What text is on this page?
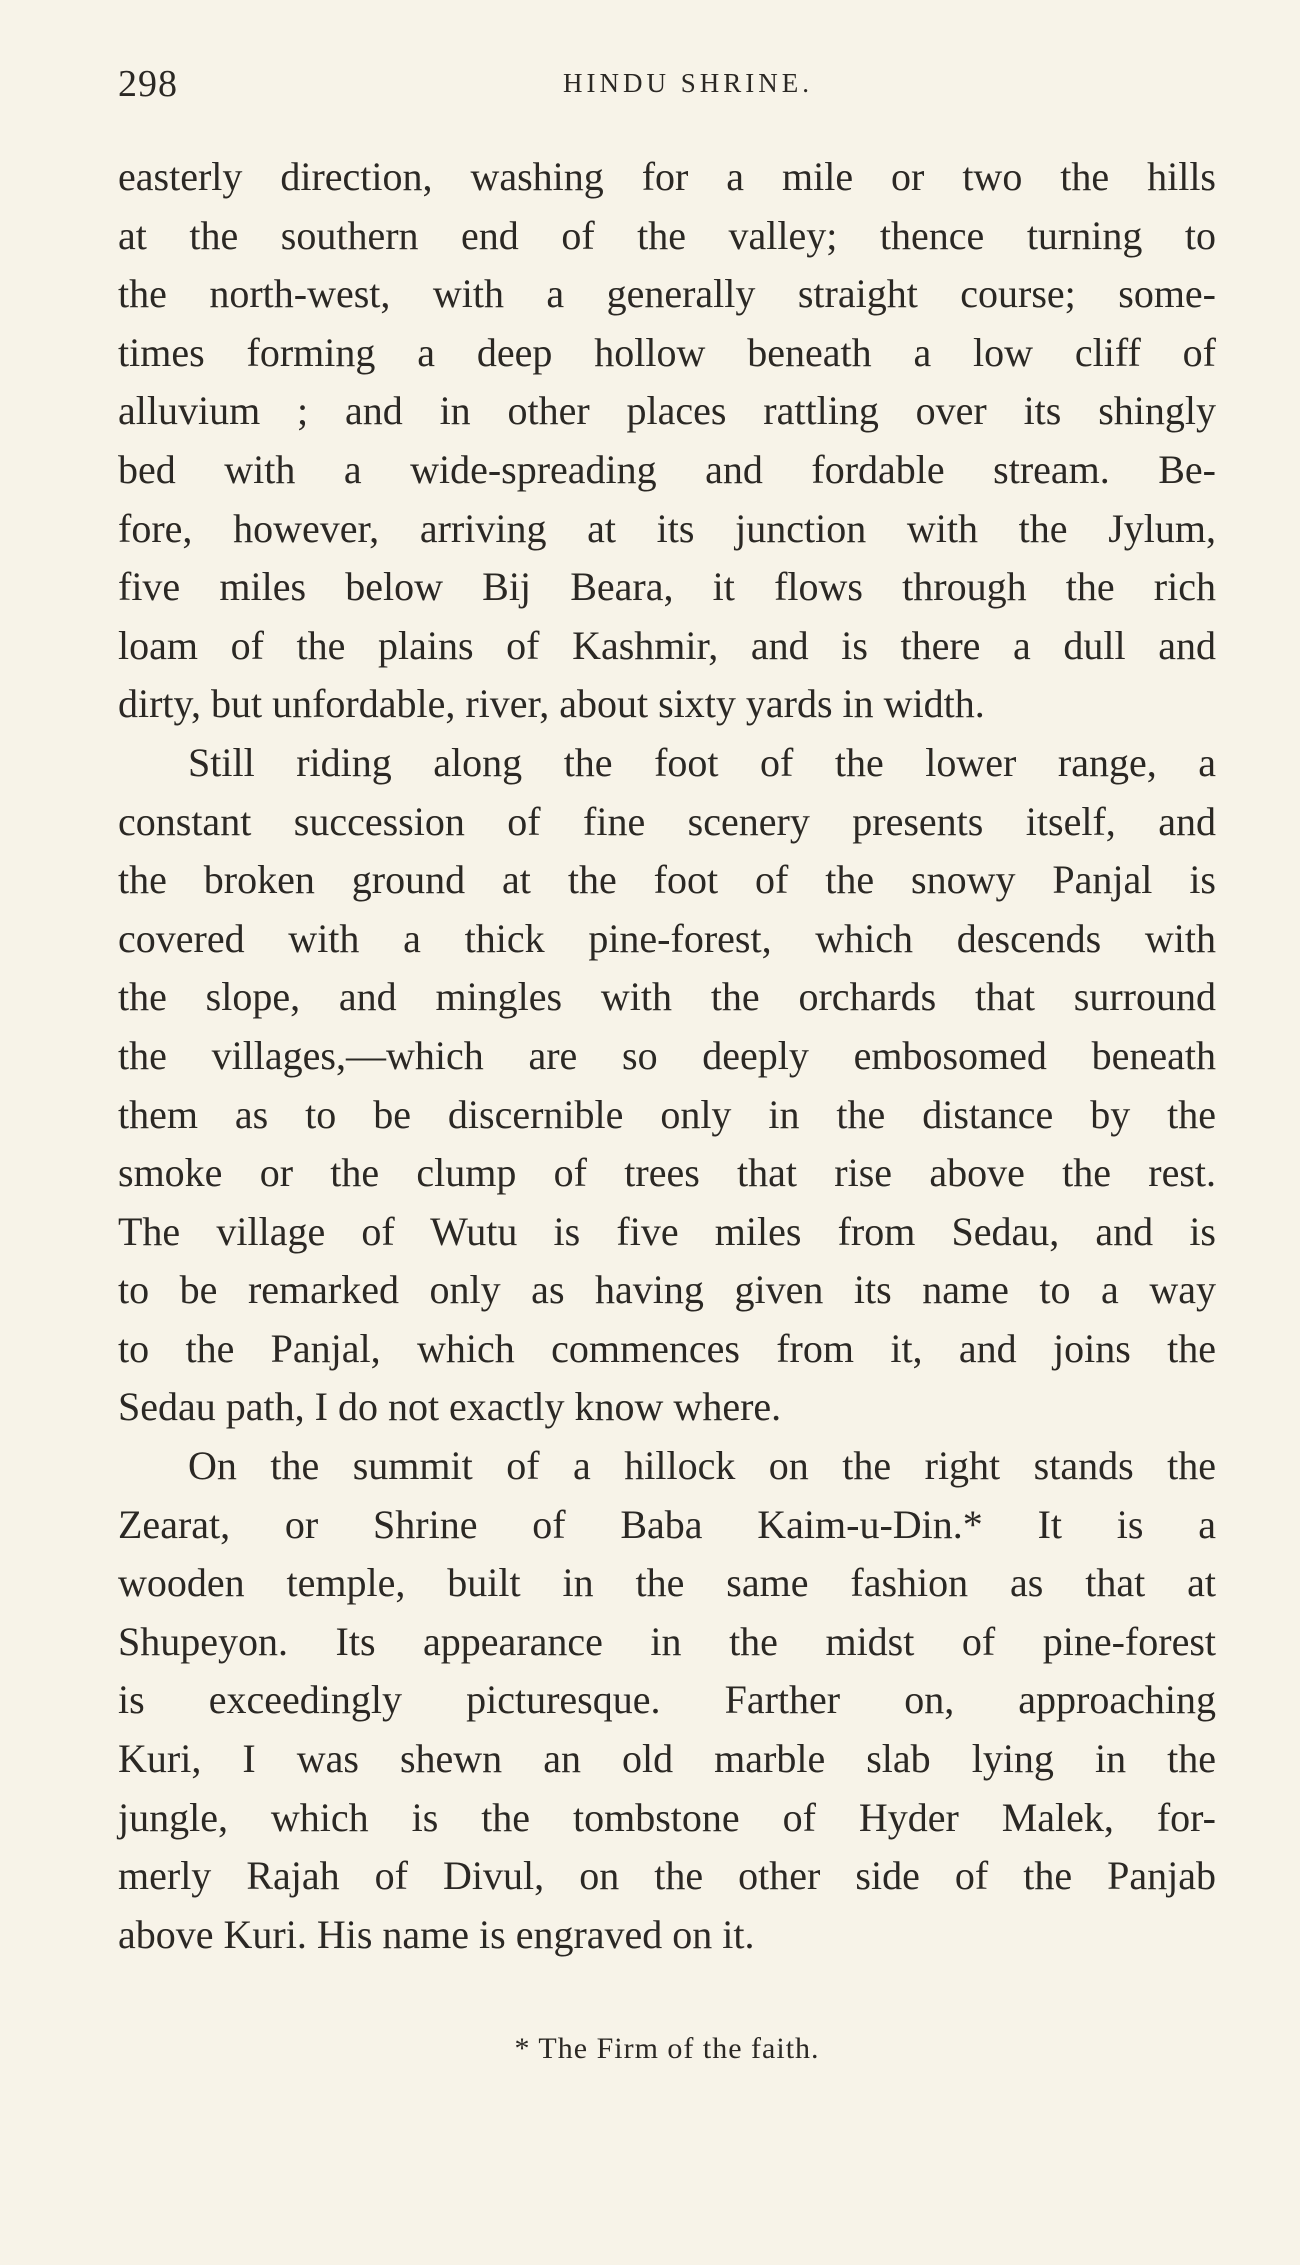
298	HINDU SHRINE.
easterly direction, washing for a mile or two the hills
at the southern end of the valley; thence turning to
the north-west, with a generally straight course; some-
times forming a deep hollow beneath a low cliff of
alluvium ; and in other places rattling over its shingly
bed with a wide-spreading and fordable stream. Be-
fore, however, arriving at its junction with the Jylum,
five miles below Bij Beara, it flows through the rich
loam of the plains of Kashmir, and is there a dull and
dirty, but unfordable, river, about sixty yards in width.
Still riding along the foot of the lower range, a
constant succession of fine scenery presents itself, and
the broken ground at the foot of the snowy Panjal is
covered with a thick pine-forest, which descends with
the slope, and mingles with the orchards that surround
the villages,—which are so deeply embosomed beneath
them as to be discernible only in the distance by the
smoke or the clump of trees that rise above the rest.
The village of Wutu is five miles from Sedau, and is
to be remarked only as having given its name to a way
to the Panjal, which commences from it, and joins the
Sedau path, I do not exactly know where.
On the summit of a hillock on the right stands the
Zearat, or Shrine of Baba Kaim-u-Din.* It is a
wooden temple, built in the same fashion as that at
Shupeyon. Its appearance in the midst of pine-forest
is exceedingly picturesque. Farther on, approaching
Kuri, I was shewn an old marble slab lying in the
jungle, which is the tombstone of Hyder Malek, for-
merly Rajah of Divul, on the other side of the Panjab
above Kuri. His name is engraved on it.
* The Firm of the faith.
